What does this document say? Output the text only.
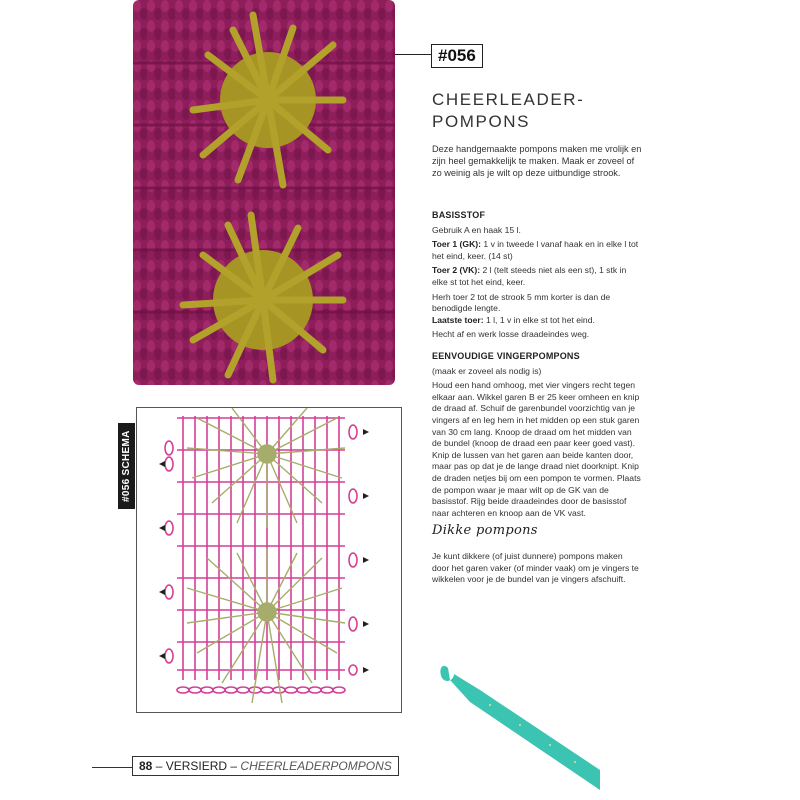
#056
CHEERLEADER-
POMPONS
Deze handgemaakte pompons maken me vrolijk en zijn heel gemakkelijk te maken. Maak er zoveel of zo weinig als je wilt op deze uitbundige strook.
BASISSTOF

Gebruik A en haak 15 l.

Toer 1 (GK): 1 v in tweede l vanaf haak en in elke l tot het eind, keer. (14 st)

Toer 2 (VK): 2 l (telt steeds niet als een st), 1 stk in elke st tot het eind, keer.

Herh toer 2 tot de strook 5 mm korter is dan de benodigde lengte.

Laatste toer: 1 l, 1 v in elke st tot het eind.

Hecht af en werk losse draadeindes weg.

EENVOUDIGE VINGERPOMPONS

(maak er zoveel als nodig is)

Houd een hand omhoog, met vier vingers recht tegen elkaar aan. Wikkel garen B er 25 keer omheen en knip de draad af. Schuif de garenbundel voorzichtig van je vingers af en leg hem in het midden op een stuk garen van 30 cm lang. Knoop de draad om het midden van de bundel (knoop de draad een paar keer goed vast). Knip de lussen van het garen aan beide kanten door, maar pas op dat je de lange draad niet doorknipt. Knip de draden netjes bij om een pompon te vormen. Plaats de pompon waar je maar wilt op de GK van de basisstof. Rijg beide draadeindes door de basisstof naar achteren en knoop aan de VK vast.

Dikke pompons
Je kunt dikkere (of juist dunnere) pompons maken door het garen vaker (of minder vaak) om je vingers te wikkelen voor je de bundel van je vingers afschuift.
#056 SCHEMA
88 – VERSIERD – CHEERLEADERPOMPONS
